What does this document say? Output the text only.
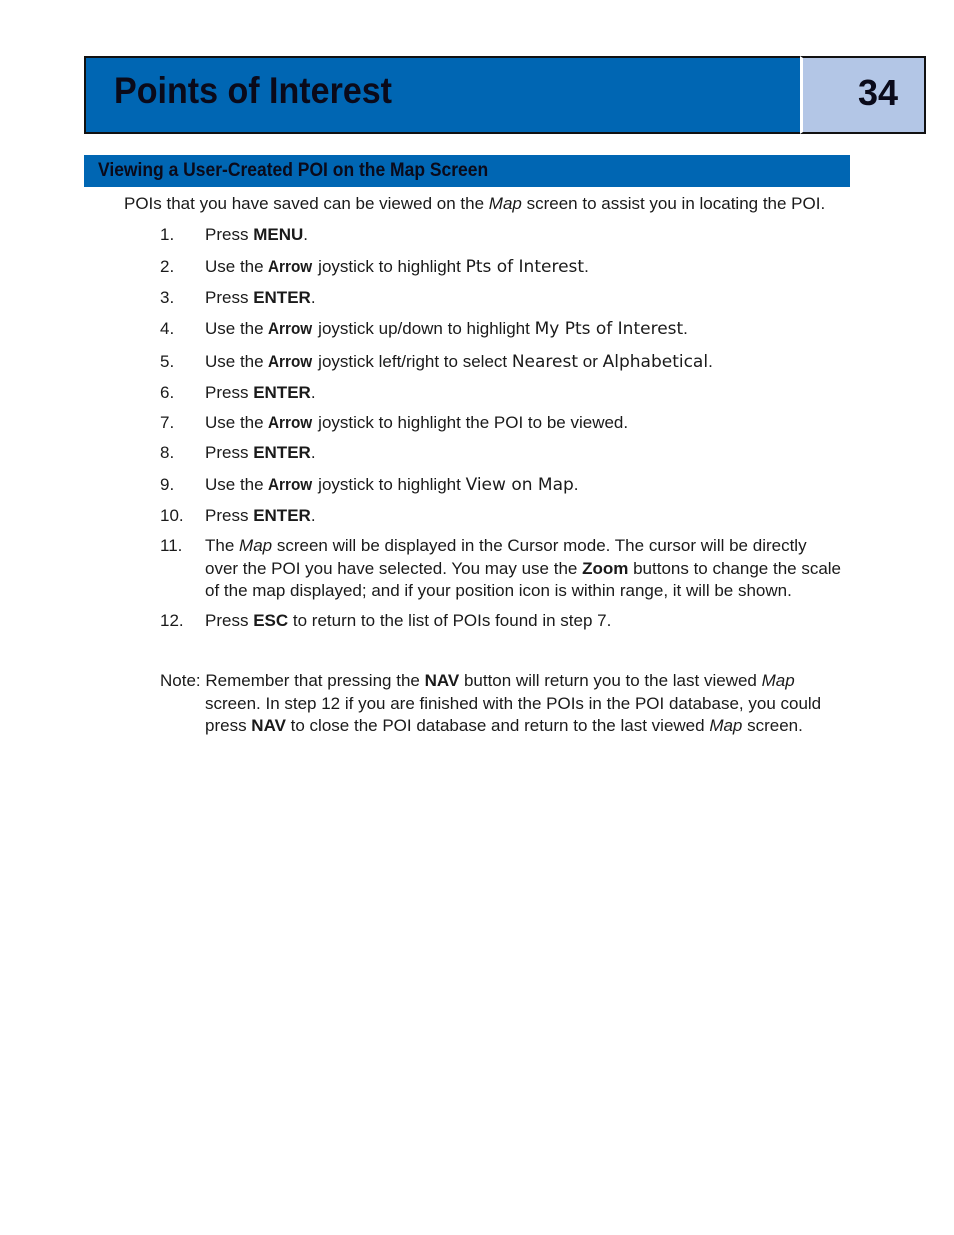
Points of Interest	34
Viewing a User-Created POI on the Map Screen
POIs that you have saved can be viewed on the Map screen to assist you in locating the POI.
1.	Press MENU.
2.	Use the Arrow joystick to highlight Pts of Interest.
3.	Press ENTER.
4.	Use the Arrow joystick up/down to highlight My Pts of Interest.
5.	Use the Arrow joystick left/right to select Nearest or Alphabetical.
6.	Press ENTER.
7.	Use the Arrow joystick to highlight the POI to be viewed.
8.	Press ENTER.
9.	Use the Arrow joystick to highlight View on Map.
10.	Press ENTER.
11.	The Map screen will be displayed in the Cursor mode. The cursor will be directly
over the POI you have selected. You may use the Zoom buttons to change the scale
of the map displayed; and if your position icon is within range, it will be shown.
12.	Press ESC to return to the list of POIs found in step 7.
Note: Remember that pressing the NAV button will return you to the last viewed Map
screen. In step 12 if you are finished with the POIs in the POI database, you could
press NAV to close the POI database and return to the last viewed Map screen.
